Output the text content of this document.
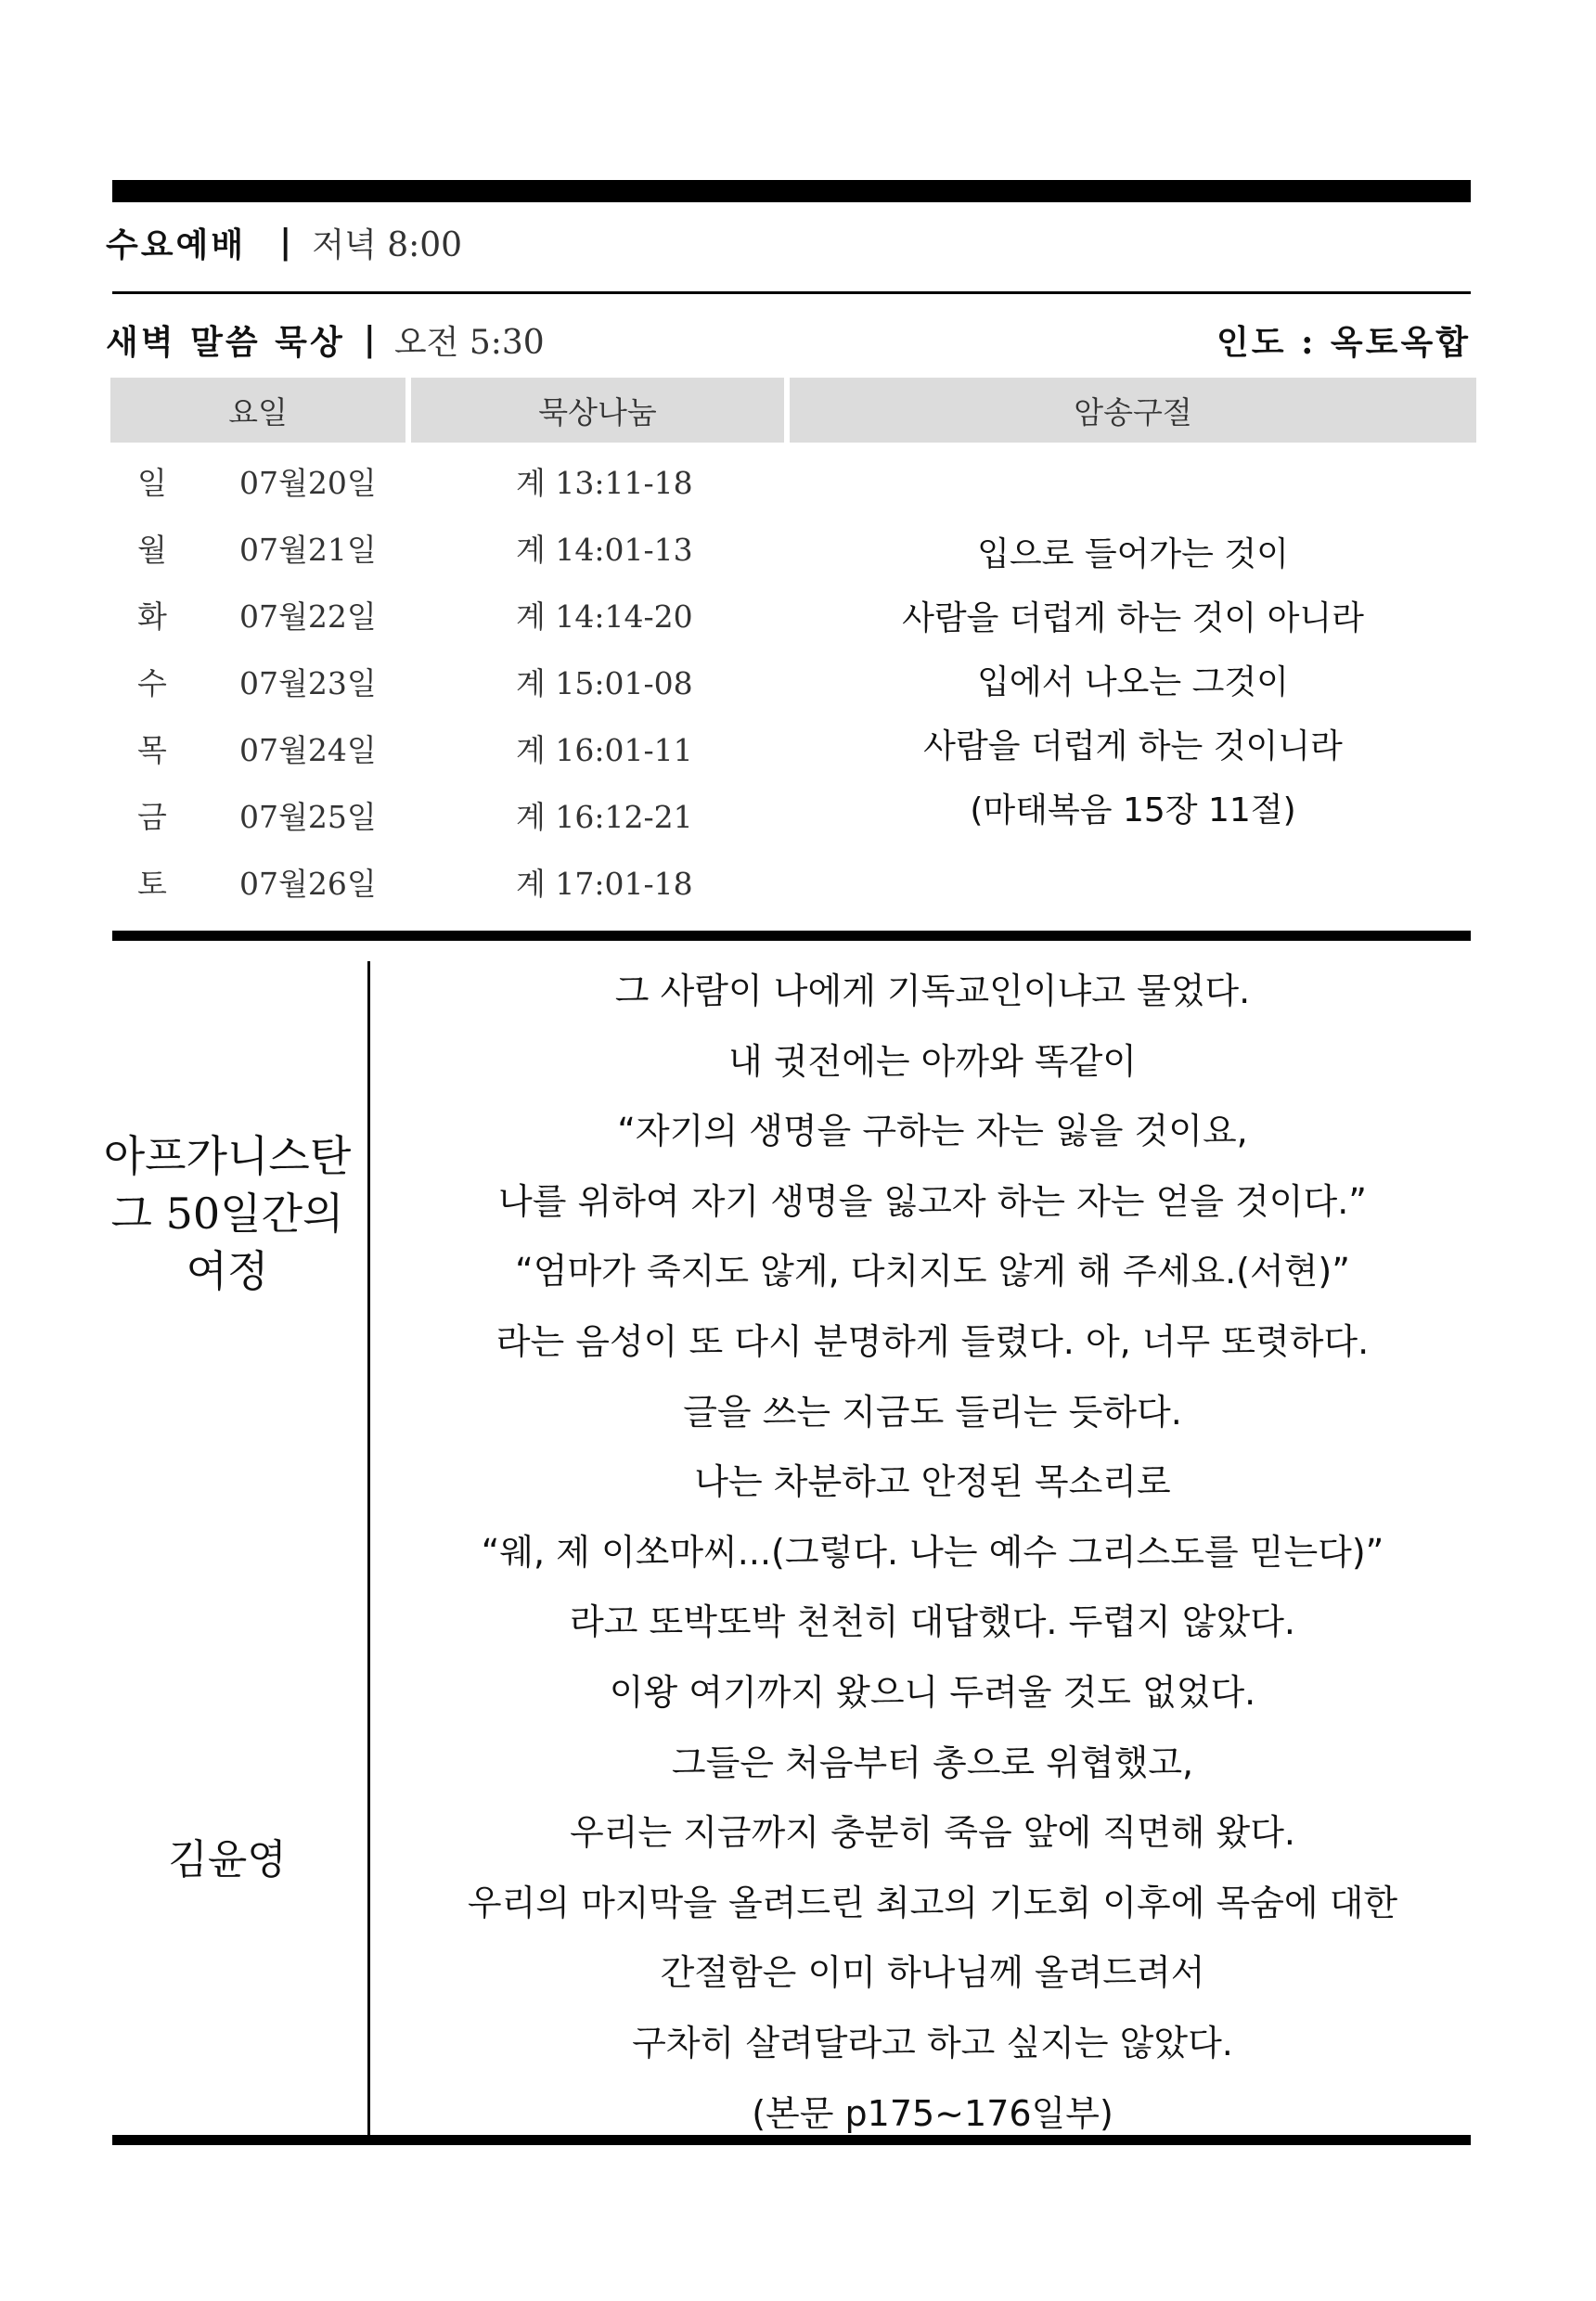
수요예배 | 저녁 8:00
새벽 말씀 묵상 | 오전 5:30	인도 : 옥토옥합
요일	묵상나눔	암송구절
일 07월20일	계 13:11-18
월 07월21일	계 14:01-13
화 07월22일	계 14:14-20
수 07월23일	계 15:01-08
목 07월24일	계 16:01-11
금 07월25일	계 16:12-21
토 07월26일	계 17:01-18
입으로 들어가는 것이
사람을 더럽게 하는 것이 아니라
입에서 나오는 그것이
사람을 더럽게 하는 것이니라
(마태복음 15장 11절)
아프가니스탄
그 50일간의
여정
김윤영
그 사람이 나에게 기독교인이냐고 물었다.
내 귓전에는 아까와 똑같이
“자기의 생명을 구하는 자는 잃을 것이요,
나를 위하여 자기 생명을 잃고자 하는 자는 얻을 것이다.”
“엄마가 죽지도 않게, 다치지도 않게 해 주세요.(서현)”
라는 음성이 또 다시 분명하게 들렸다. 아, 너무 또렷하다.
글을 쓰는 지금도 들리는 듯하다.
나는 차분하고 안정된 목소리로
“웨, 제 이쏘마씨...(그렇다. 나는 예수 그리스도를 믿는다)”
라고 또박또박 천천히 대답했다. 두렵지 않았다.
이왕 여기까지 왔으니 두려울 것도 없었다.
그들은 처음부터 총으로 위협했고,
우리는 지금까지 충분히 죽음 앞에 직면해 왔다.
우리의 마지막을 올려드린 최고의 기도회 이후에 목숨에 대한
간절함은 이미 하나님께 올려드려서
구차히 살려달라고 하고 싶지는 않았다.
(본문 p175~176일부)
